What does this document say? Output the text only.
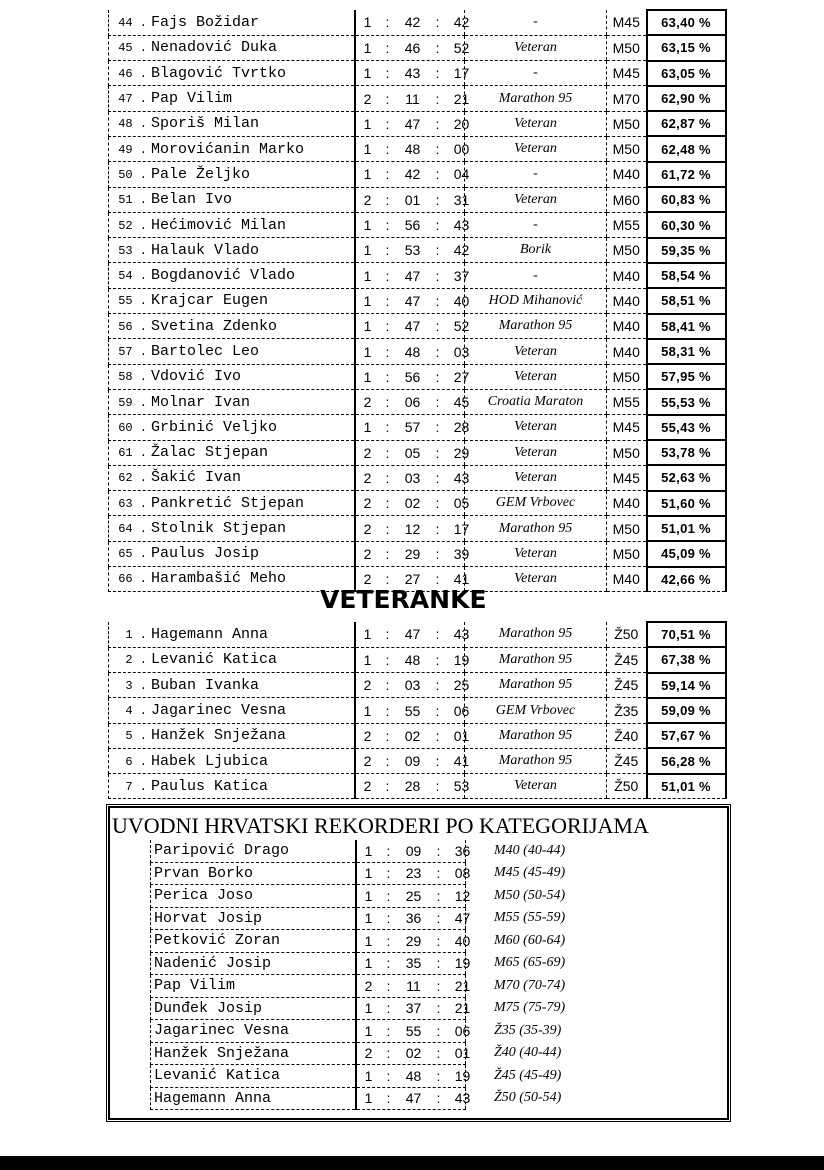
44 .Fajs Božidar	1 : 42 : 42	-	M45	63,40 %
45 .Nenadović Duka	1 : 46 : 52	Veteran	M50	63,15 %
46 .Blagović Tvrtko	1 : 43 : 17	-	M45	63,05 %
47 .Pap Vilim	2 : 11 : 21	Marathon 95	M70	62,90 %
48 .Sporiš Milan	1 : 47 : 20	Veteran	M50	62,87 %
49 .Morovićanin Marko	1 : 48 : 00	Veteran	M50	62,48 %
50 .Pale Željko	1 : 42 : 04	-	M40	61,72 %
51 .Belan Ivo	2 : 01 : 31	Veteran	M60	60,83 %
52 .Hećimović Milan	1 : 56 : 43	-	M55	60,30 %
53 .Halauk Vlado	1 : 53 : 42	Borik	M50	59,35 %
54 .Bogdanović Vlado	1 : 47 : 37	-	M40	58,54 %
55 .Krajcar Eugen	1 : 47 : 40	HOD Mihanović	M40	58,51 %
56 .Svetina Zdenko	1 : 47 : 52	Marathon 95	M40	58,41 %
57 .Bartolec Leo	1 : 48 : 03	Veteran	M40	58,31 %
58 .Vdović Ivo	1 : 56 : 27	Veteran	M50	57,95 %
59 .Molnar Ivan	2 : 06 : 45	Croatia Maraton	M55	55,53 %
60 .Grbinić Veljko	1 : 57 : 28	Veteran	M45	55,43 %
61 .Žalac Stjepan	2 : 05 : 29	Veteran	M50	53,78 %
62 .Šakić Ivan	2 : 03 : 43	Veteran	M45	52,63 %
63 .Pankretić Stjepan	2 : 02 : 05	GEM Vrbovec	M40	51,60 %
64 .Stolnik Stjepan	2 : 12 : 17	Marathon 95	M50	51,01 %
65 .Paulus Josip	2 : 29 : 39	Veteran	M50	45,09 %
66 .Harambašić Meho	2 : 27 : 41	Veteran	M40	42,66 %
VETERANKE
1 .Hagemann Anna	1 : 47 : 43	Marathon 95	Ž50	70,51 %
2 .Levanić Katica	1 : 48 : 19	Marathon 95	Ž45	67,38 %
3 .Buban Ivanka	2 : 03 : 25	Marathon 95	Ž45	59,14 %
4 .Jagarinec Vesna	1 : 55 : 06	GEM Vrbovec	Ž35	59,09 %
5 .Hanžek Snježana	2 : 02 : 01	Marathon 95	Ž40	57,67 %
6 .Habek Ljubica	2 : 09 : 41	Marathon 95	Ž45	56,28 %
7 .Paulus Katica	2 : 28 : 53	Veteran	Ž50	51,01 %
UVODNI HRVATSKI REKORDERI PO KATEGORIJAMA
Paripović Drago	1 : 09 : 36	M40 (40-44)
Prvan Borko	1 : 23 : 08	M45 (45-49)
Perica Joso	1 : 25 : 12	M50 (50-54)
Horvat Josip	1 : 36 : 47	M55 (55-59)
Petković Zoran	1 : 29 : 40	M60 (60-64)
Nadenić Josip	1 : 35 : 19	M65 (65-69)
Pap Vilim	2 : 11 : 21	M70 (70-74)
Dunđek Josip	1 : 37 : 21	M75 (75-79)
Jagarinec Vesna	1 : 55 : 06	Ž35 (35-39)
Hanžek Snježana	2 : 02 : 01	Ž40 (40-44)
Levanić Katica	1 : 48 : 19	Ž45 (45-49)
Hagemann Anna	1 : 47 : 43	Ž50 (50-54)
